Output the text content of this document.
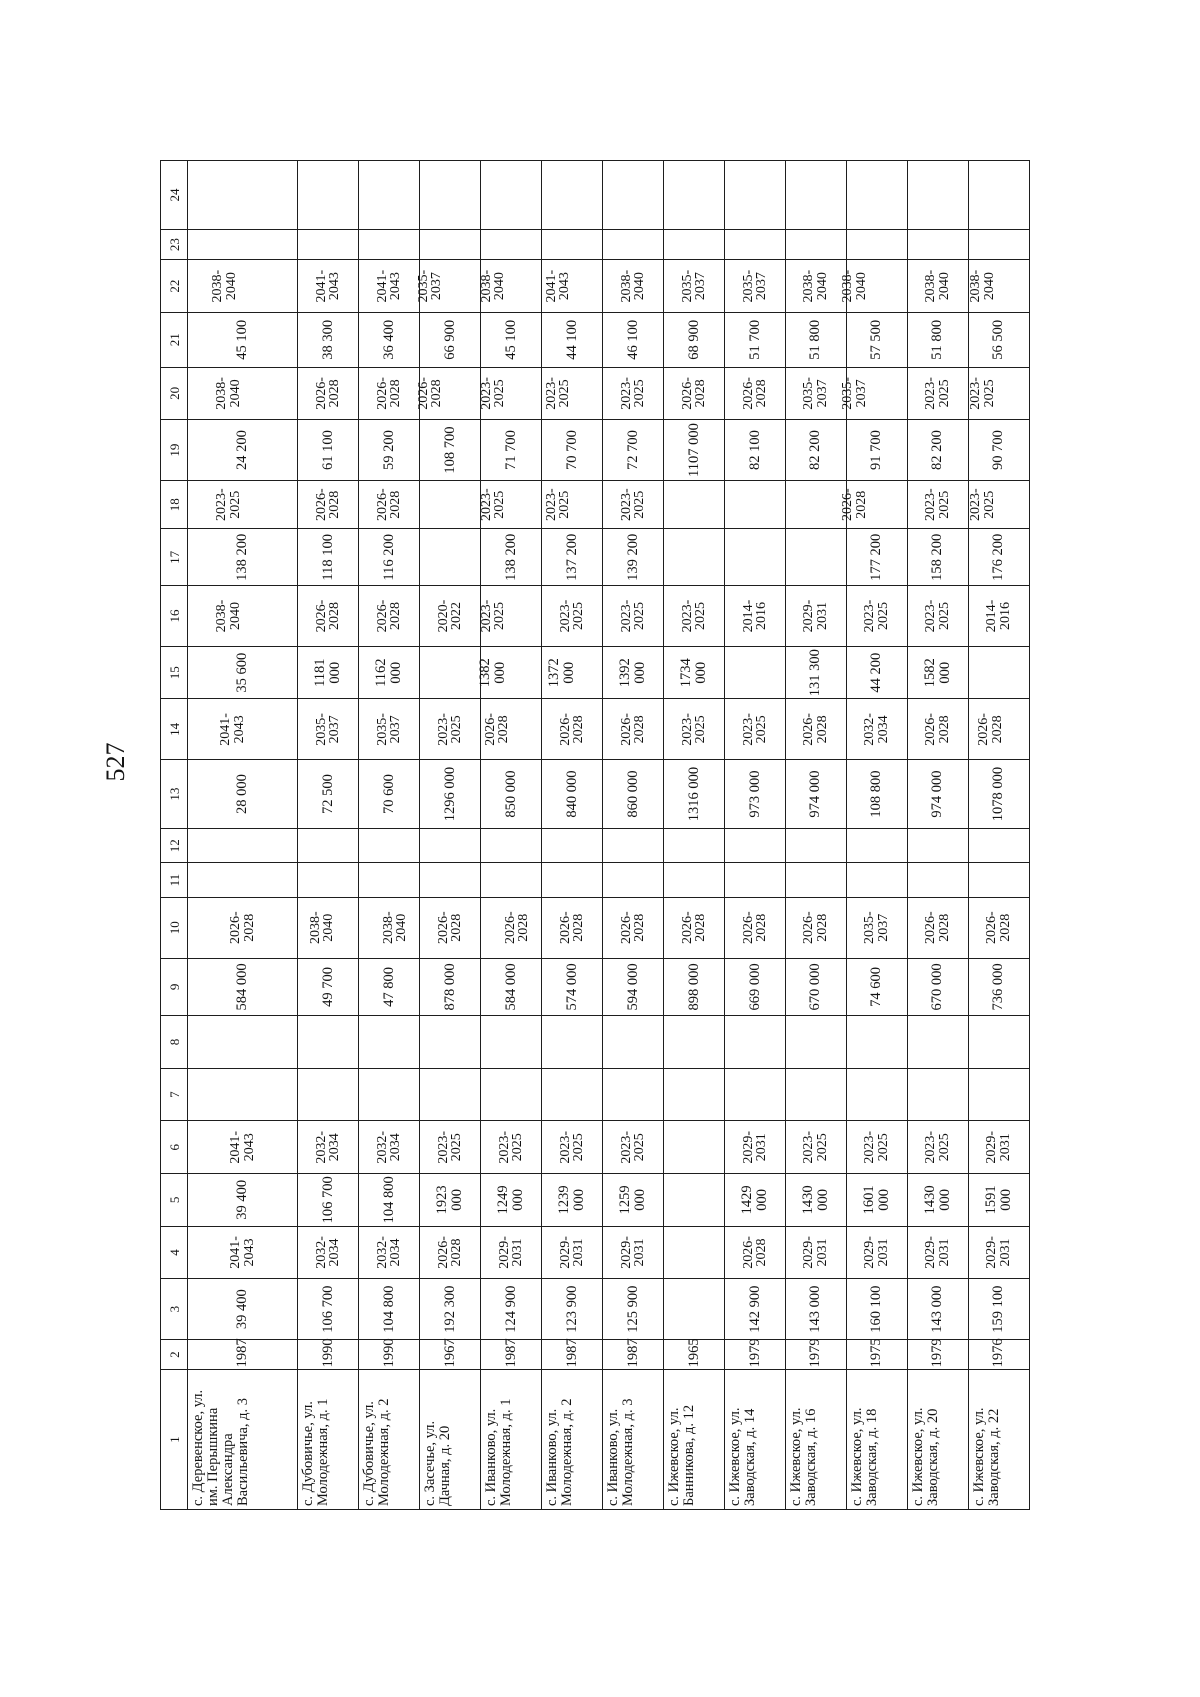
527
1	2	3	4	5	6	7	8	9	10	11	12	13	14	15	16	17	18	19	20	21	22	23	24

с. Деревенское, ул. им. Перышкина Александра Васильевича, д. 3	1987	39 400	2041-2043	39 400	2041-2043			584 000	2026-2028			28 000	2041-2043	35 600	2038-2040	138 200	2023-2025	24 200	2038-2040	45 100	2038-2040		

с. Дубовичье, ул. Молодежная, д. 1	1990	106 700	2032-2034	106 700	2032-2034			49 700	2038-2040			72 500	2035-2037	1181 000	2026-2028	118 100	2026-2028	61 100	2026-2028	38 300	2041-2043		

с. Дубовичье, ул. Молодежная, д. 2	1990	104 800	2032-2034	104 800	2032-2034			47 800	2038-2040			70 600	2035-2037	1162 000	2026-2028	116 200	2026-2028	59 200	2026-2028	36 400	2041-2043		

с. Засечье, ул. Дачная, д. 20	1967	192 300	2026-2028	1923 000	2023-2025			878 000	2026-2028			1296 000	2023-2025		2020-2022			108 700	2026-2028	66 900	2035-2037		

с. Иванково, ул. Молодежная, д. 1	1987	124 900	2029-2031	1249 000	2023-2025			584 000	2026-2028			850 000	2026-2028	1382 000	2023-2025	138 200	2023-2025	71 700	2023-2025	45 100	2038-2040		

с. Иванково, ул. Молодежная, д. 2	1987	123 900	2029-2031	1239 000	2023-2025			574 000	2026-2028			840 000	2026-2028	1372 000	2023-2025	137 200	2023-2025	70 700	2023-2025	44 100	2041-2043		

с. Иванково, ул. Молодежная, д. 3	1987	125 900	2029-2031	1259 000	2023-2025			594 000	2026-2028			860 000	2026-2028	1392 000	2023-2025	139 200	2023-2025	72 700	2023-2025	46 100	2038-2040		

с. Ижевское, ул. Банникова, д. 12	1965							898 000	2026-2028			1316 000	2023-2025	1734 000	2023-2025			1107 000	2026-2028	68 900	2035-2037		

с. Ижевское, ул. Заводская, д. 14	1979	142 900	2026-2028	1429 000	2029-2031			669 000	2026-2028			973 000	2023-2025		2014-2016			82 100	2026-2028	51 700	2035-2037		

с. Ижевское, ул. Заводская, д. 16	1979	143 000	2029-2031	1430 000	2023-2025			670 000	2026-2028			974 000	2026-2028	131 300	2029-2031			82 200	2035-2037	51 800	2038-2040		

с. Ижевское, ул. Заводская, д. 18	1975	160 100	2029-2031	1601 000	2023-2025			74 600	2035-2037			108 800	2032-2034	44 200	2023-2025	177 200	2026-2028	91 700	2035-2037	57 500	2038-2040		

с. Ижевское, ул. Заводская, д. 20	1979	143 000	2029-2031	1430 000	2023-2025			670 000	2026-2028			974 000	2026-2028	1582 000	2023-2025	158 200	2023-2025	82 200	2023-2025	51 800	2038-2040		

с. Ижевское, ул. Заводская, д. 22	1976	159 100	2029-2031	1591 000	2029-2031			736 000	2026-2028			1078 000	2026-2028		2014-2016	176 200	2023-2025	90 700	2023-2025	56 500	2038-2040		
